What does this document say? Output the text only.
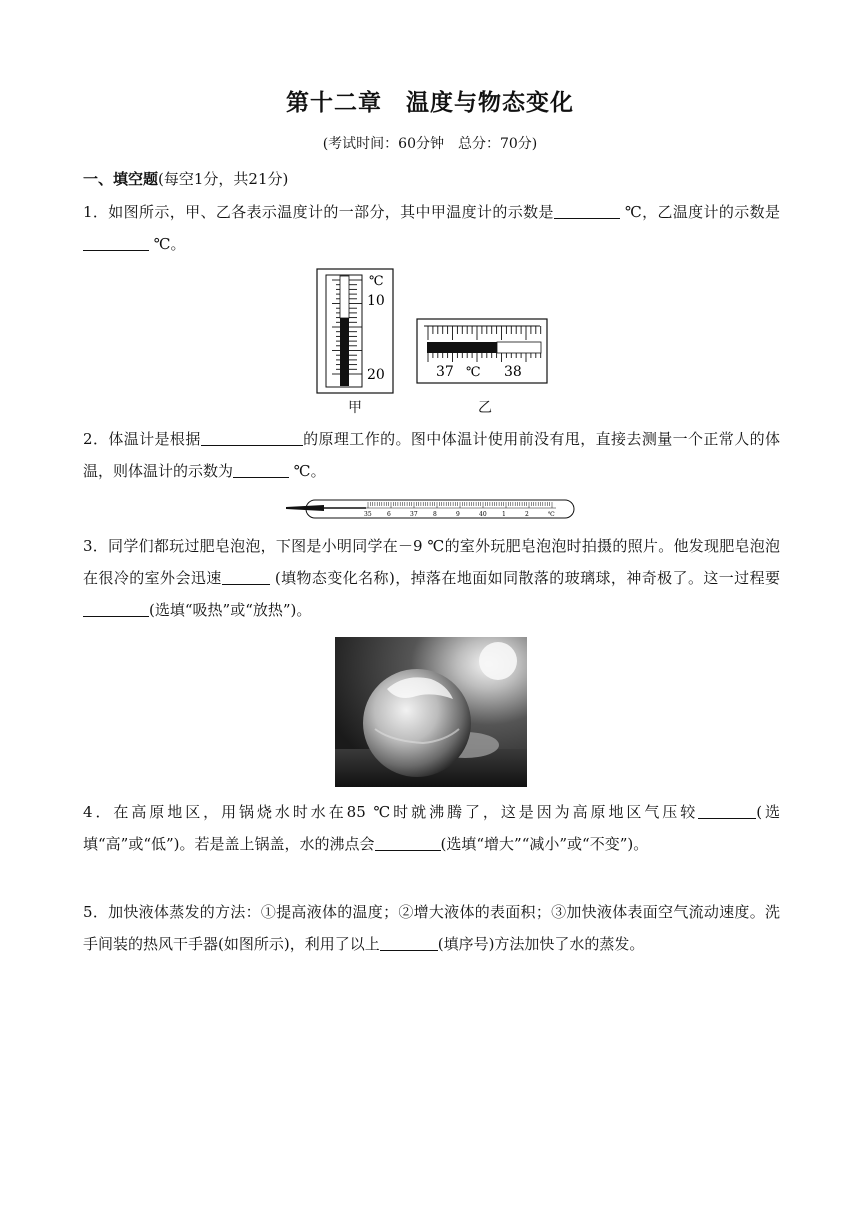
第十二章　温度与物态变化
(考试时间：60分钟　总分：70分)
一、填空题(每空1分，共21分)

1．如图所示，甲、乙各表示温度计的一部分，其中甲温度计的示数是	℃，乙温度计的示数是 ℃。

℃
10
20
甲
37 ℃ 38
乙

2．体温计是根据	的原理工作的。图中体温计使用前没有甩，直接去测量一个正常人的体温，则体温计的示数为	℃。

35	6	37	8	9	40	1	2	℃

3．同学们都玩过肥皂泡泡，下图是小明同学在－9 ℃的室外玩肥皂泡泡时拍摄的照片。他发现肥皂泡泡在很冷的室外会迅速	(填物态变化名称)，掉落在地面如同散落的玻璃球，神奇极了。这一过程要(选填“吸热”或“放热”)。

4．在高原地区，用锅烧水时水在85 ℃时就沸腾了，这是因为高原地区气压较	(选填“高”或“低”)。若是盖上锅盖，水的沸点会	(选填“增大”“减小”或“不变”)。

5．加快液体蒸发的方法：①提高液体的温度；②增大液体的表面积；③加快液体表面空气流动速度。洗手间装的热风干手器(如图所示)，利用了以上	(填序号)方法加快了水的蒸发。
